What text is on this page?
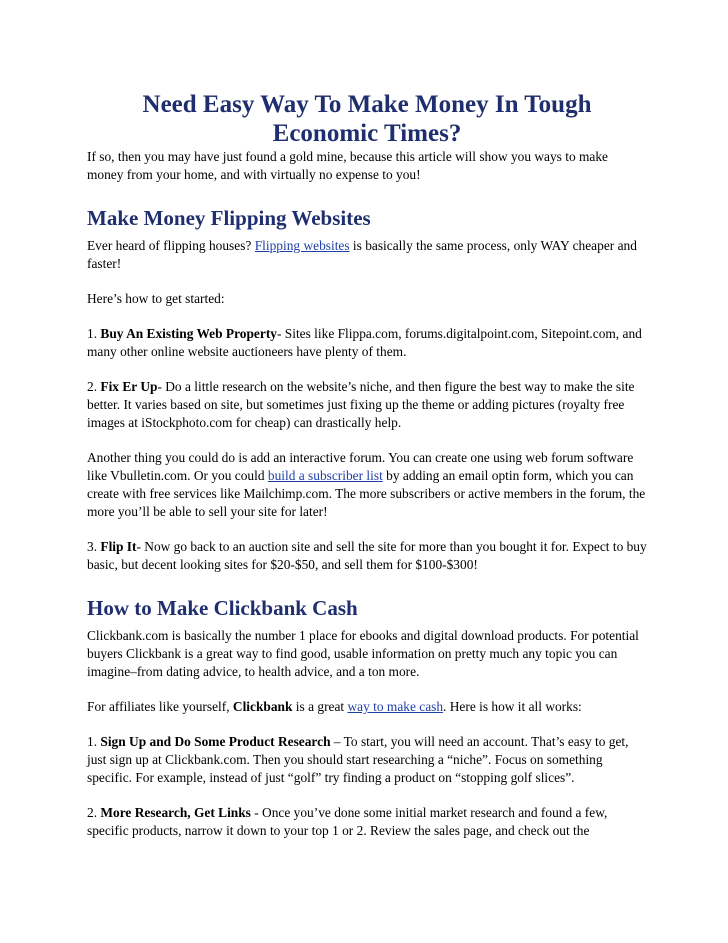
Need Easy Way To Make Money In Tough Economic Times?

If so, then you may have just found a gold mine, because this article will show you ways to make money from your home, and with virtually no expense to you!

Make Money Flipping Websites

Ever heard of flipping houses? Flipping websites is basically the same process, only WAY cheaper and faster!

Here’s how to get started:

1. Buy An Existing Web Property- Sites like Flippa.com, forums.digitalpoint.com, Sitepoint.com, and many other online website auctioneers have plenty of them.

2. Fix Er Up- Do a little research on the website’s niche, and then figure the best way to make the site better. It varies based on site, but sometimes just fixing up the theme or adding pictures (royalty free images at iStockphoto.com for cheap) can drastically help.

Another thing you could do is add an interactive forum. You can create one using web forum software like Vbulletin.com. Or you could build a subscriber list by adding an email optin form, which you can create with free services like Mailchimp.com. The more subscribers or active members in the forum, the more you’ll be able to sell your site for later!

3. Flip It- Now go back to an auction site and sell the site for more than you bought it for. Expect to buy basic, but decent looking sites for $20-$50, and sell them for $100-$300!

How to Make Clickbank Cash

Clickbank.com is basically the number 1 place for ebooks and digital download products. For potential buyers Clickbank is a great way to find good, usable information on pretty much any topic you can imagine–from dating advice, to health advice, and a ton more.

For affiliates like yourself, Clickbank is a great way to make cash. Here is how it all works:

1. Sign Up and Do Some Product Research – To start, you will need an account. That’s easy to get, just sign up at Clickbank.com. Then you should start researching a “niche”. Focus on something specific. For example, instead of just “golf” try finding a product on “stopping golf slices”.

2. More Research, Get Links - Once you’ve done some initial market research and found a few, specific products, narrow it down to your top 1 or 2. Review the sales page, and check out the
